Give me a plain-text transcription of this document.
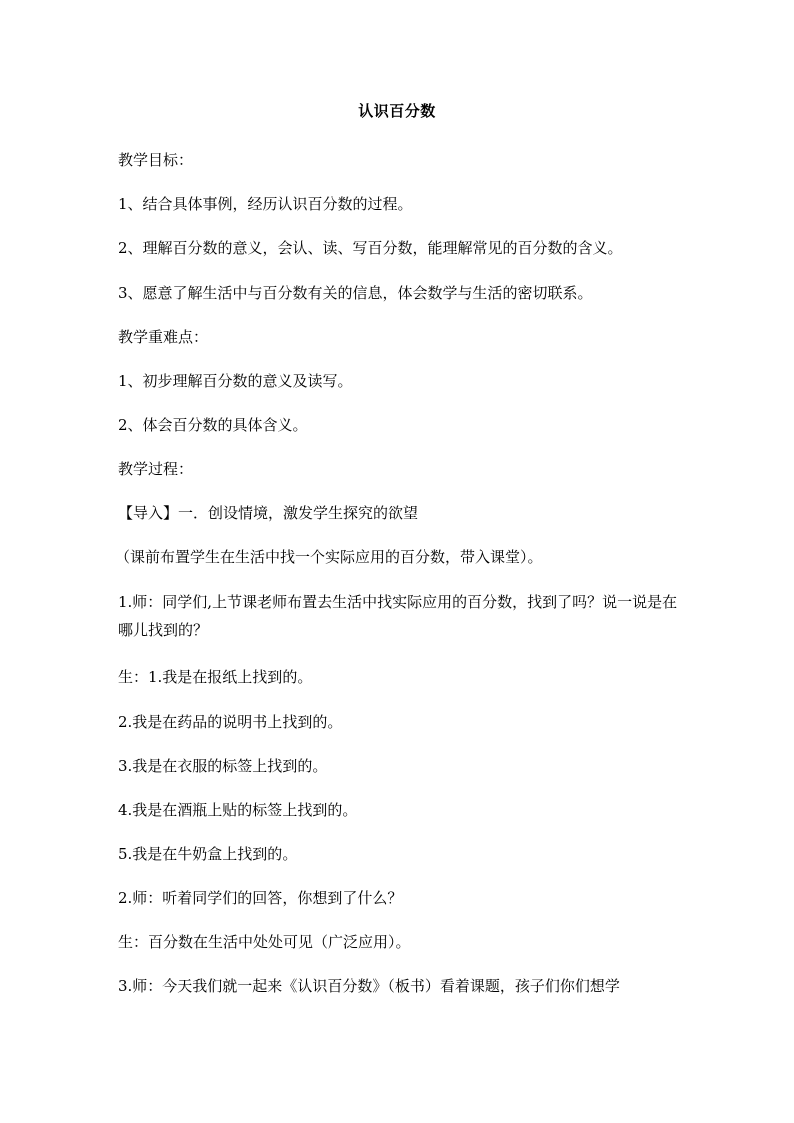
认识百分数
教学目标：
1、结合具体事例，经历认识百分数的过程。
2、理解百分数的意义，会认、读、写百分数，能理解常见的百分数的含义。
3、愿意了解生活中与百分数有关的信息，体会数学与生活的密切联系。
教学重难点：
1、初步理解百分数的意义及读写。
2、体会百分数的具体含义。
教学过程：
【导入】一．创设情境，激发学生探究的欲望
（课前布置学生在生活中找一个实际应用的百分数，带入课堂）。
1.师：同学们,上节课老师布置去生活中找实际应用的百分数，找到了吗？说一说是在哪儿找到的？
生：1.我是在报纸上找到的。
2.我是在药品的说明书上找到的。
3.我是在衣服的标签上找到的。
4.我是在酒瓶上贴的标签上找到的。
5.我是在牛奶盒上找到的。
2.师：听着同学们的回答，你想到了什么？
生：百分数在生活中处处可见（广泛应用）。
3.师：今天我们就一起来《认识百分数》（板书）看着课题，孩子们你们想学
